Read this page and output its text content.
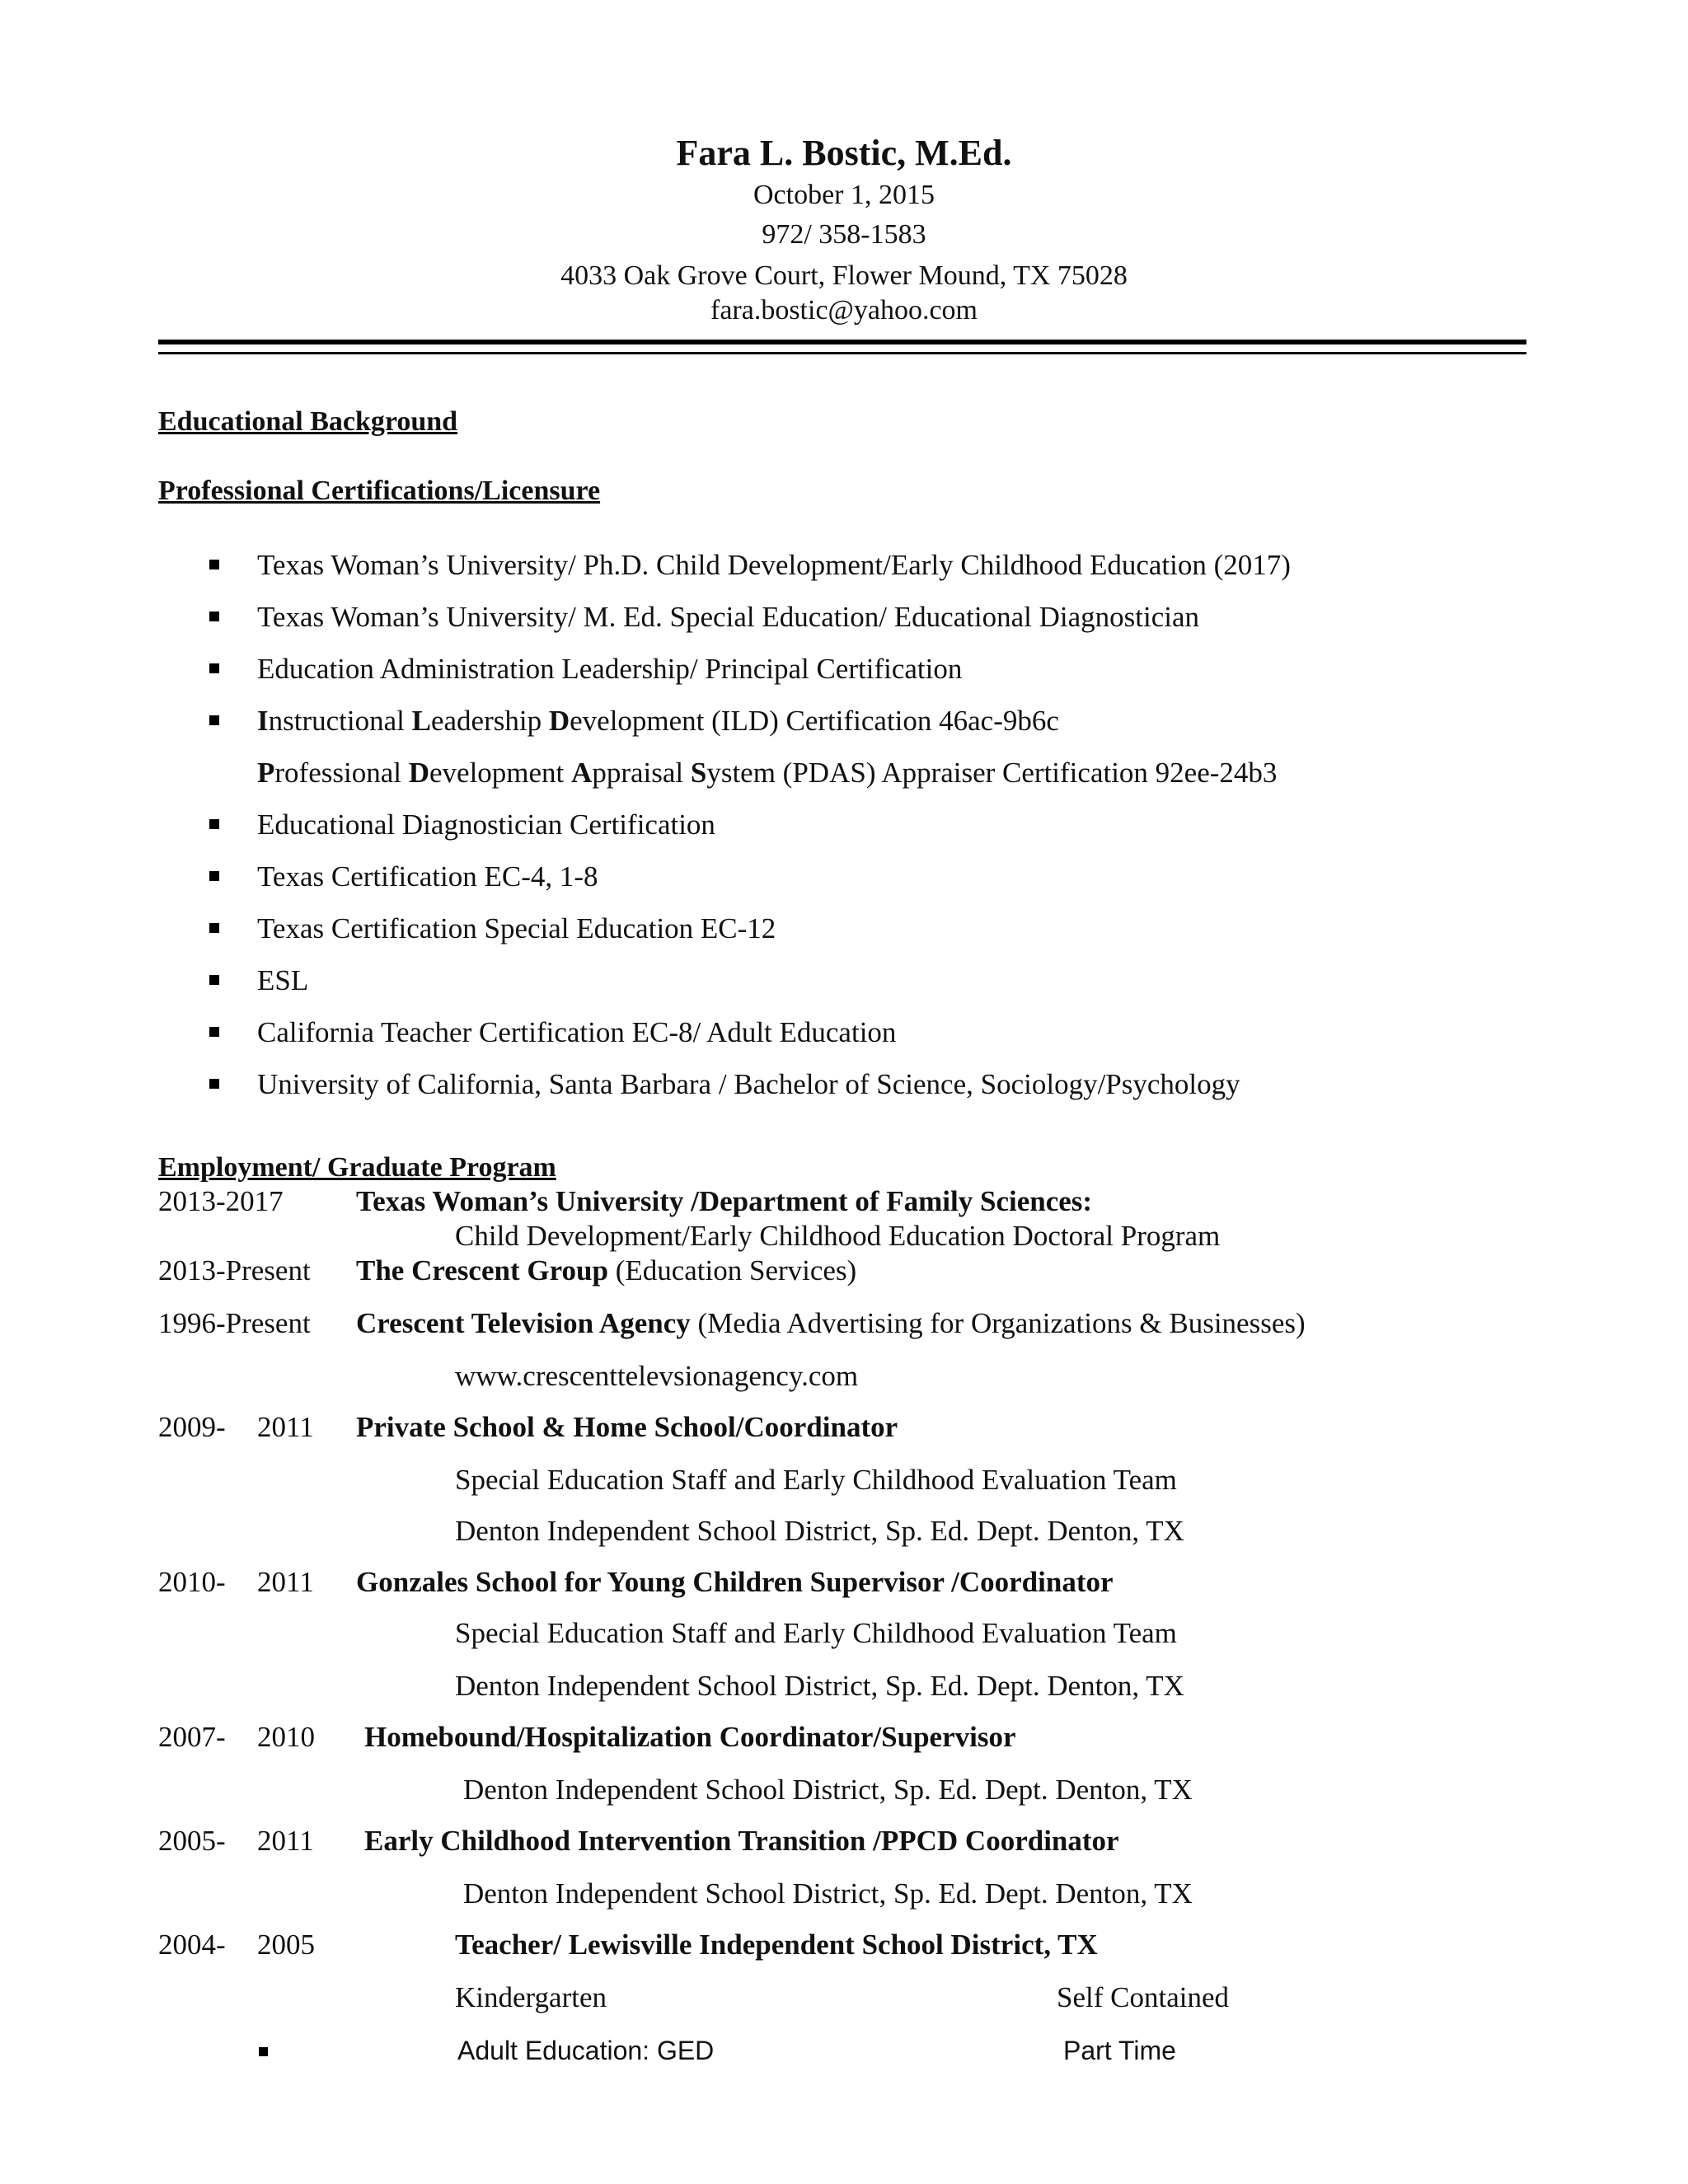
Fara L. Bostic, M.Ed.
October 1, 2015
972/ 358-1583
4033 Oak Grove Court, Flower Mound, TX 75028
fara.bostic@yahoo.com
Educational Background
Professional Certifications/Licensure
Texas Woman’s University/ Ph.D. Child Development/Early Childhood Education (2017)
Texas Woman’s University/ M. Ed. Special Education/ Educational Diagnostician
Education Administration Leadership/ Principal Certification
Instructional Leadership Development (ILD) Certification 46ac-9b6c
Professional Development Appraisal System (PDAS) Appraiser Certification 92ee-24b3
Educational Diagnostician Certification
Texas Certification EC-4, 1-8
Texas Certification Special Education EC-12
ESL
California Teacher Certification EC-8/ Adult Education
University of California, Santa Barbara / Bachelor of Science, Sociology/Psychology
Employment/ Graduate Program
2013-2017	Texas Woman’s University /Department of Family Sciences:
Child Development/Early Childhood Education Doctoral Program
2013-Present The Crescent Group (Education Services)
1996-Present Crescent Television Agency (Media Advertising for Organizations & Businesses)
www.crescenttelevsionagency.com
2009- 2011 Private School & Home School/Coordinator
Special Education Staff and Early Childhood Evaluation Team
Denton Independent School District, Sp. Ed. Dept. Denton, TX
2010- 2011 Gonzales School for Young Children Supervisor /Coordinator
Special Education Staff and Early Childhood Evaluation Team
Denton Independent School District, Sp. Ed. Dept. Denton, TX
2007- 2010 Homebound/Hospitalization Coordinator/Supervisor
Denton Independent School District, Sp. Ed. Dept. Denton, TX
2005- 2011 Early Childhood Intervention Transition /PPCD Coordinator
Denton Independent School District, Sp. Ed. Dept. Denton, TX
2004- 2005	Teacher/ Lewisville Independent School District, TX
Kindergarten	Self Contained
Adult Education: GED	Part Time
